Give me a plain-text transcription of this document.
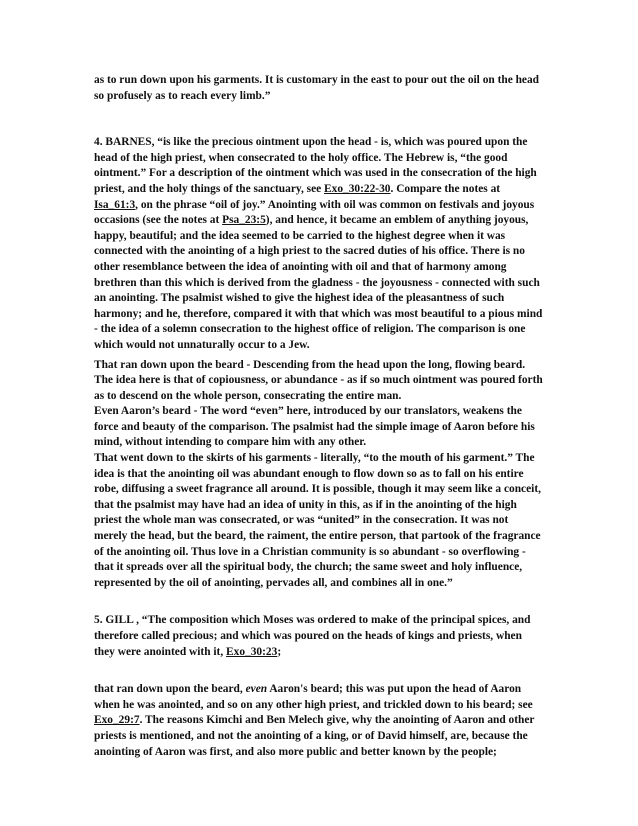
as to run down upon his garments. It is customary in the east to pour out the oil on the head so profusely as to reach every limb.”

4. BARNES, “is like the precious ointment upon the head - is, which was poured upon the head of the high priest, when consecrated to the holy office. The Hebrew is, “the good ointment.” For a description of the ointment which was used in the consecration of the high priest, and the holy things of the sanctuary, see Exo_30:22-30. Compare the notes at Isa_61:3, on the phrase “oil of joy.” Anointing with oil was common on festivals and joyous occasions (see the notes at Psa_23:5), and hence, it became an emblem of anything joyous, happy, beautiful; and the idea seemed to be carried to the highest degree when it was connected with the anointing of a high priest to the sacred duties of his office. There is no other resemblance between the idea of anointing with oil and that of harmony among brethren than this which is derived from the gladness - the joyousness - connected with such an anointing. The psalmist wished to give the highest idea of the pleasantness of such harmony; and he, therefore, compared it with that which was most beautiful to a pious mind - the idea of a solemn consecration to the highest office of religion. The comparison is one which would not unnaturally occur to a Jew.

That ran down upon the beard - Descending from the head upon the long, flowing beard. The idea here is that of copiousness, or abundance - as if so much ointment was poured forth as to descend on the whole person, consecrating the entire man.

Even Aaron’s beard - The word “even” here, introduced by our translators, weakens the force and beauty of the comparison. The psalmist had the simple image of Aaron before his mind, without intending to compare him with any other.

That went down to the skirts of his garments - literally, “to the mouth of his garment.” The idea is that the anointing oil was abundant enough to flow down so as to fall on his entire robe, diffusing a sweet fragrance all around. It is possible, though it may seem like a conceit, that the psalmist may have had an idea of unity in this, as if in the anointing of the high priest the whole man was consecrated, or was “united” in the consecration. It was not merely the head, but the beard, the raiment, the entire person, that partook of the fragrance of the anointing oil. Thus love in a Christian community is so abundant - so overflowing - that it spreads over all the spiritual body, the church; the same sweet and holy influence, represented by the oil of anointing, pervades all, and combines all in one.”

5. GILL , “The composition which Moses was ordered to make of the principal spices, and therefore called precious; and which was poured on the heads of kings and priests, when they were anointed with it, Exo_30:23;

that ran down upon the beard, even Aaron's beard; this was put upon the head of Aaron when he was anointed, and so on any other high priest, and trickled down to his beard; see Exo_29:7. The reasons Kimchi and Ben Melech give, why the anointing of Aaron and other priests is mentioned, and not the anointing of a king, or of David himself, are, because the anointing of Aaron was first, and also more public and better known by the people;
